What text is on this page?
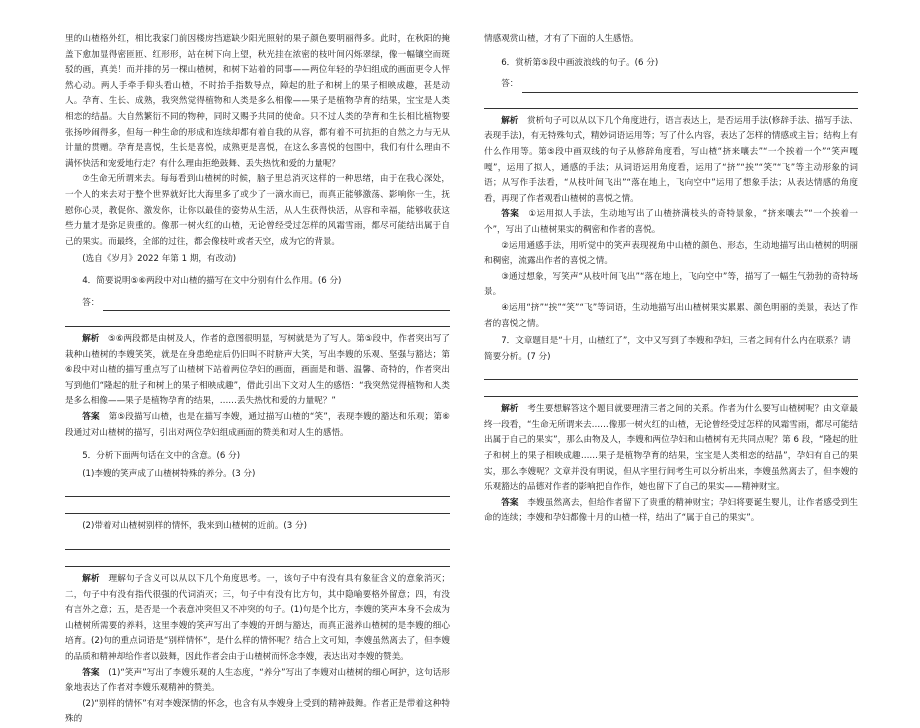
里的山楂格外红，相比我家门前因楼房挡遮缺少阳光照射的果子颜色要明丽得多。此时，在秋阳的掩盖下愈加显得密匝匝、红形形，站在树下向上望，秋光挂在浓密的枝叶间闪烁翠绿，像一幅镶空而斑驳的画，真美！而并排的另一棵山楂树，和树下站着的同事——两位年轻的孕妇组成的画面更令人怦然心动。两人手牵手仰头看山楂，不时抬手指数导点，障起的肚子和树上的果子相映成趣，甚是动人。孕育、生长、成熟，我突然觉得植物和人类是多么相像——果子是植物孕育的结果，宝宝是人类相恋的结晶。大自然繁衍不同的物种，同时又赐予共同的使命。只不过人类的孕育和生长相比植物要张扬吵闹得多，但每一种生命的形成和连续却都有着自我的从容，都有着不可抗拒的自然之力与无从计量的贯赠。孕育是喜悦，生长是喜悦，成熟更是喜悦，在这么多喜悦的包围中，我们有什么理由不满怀快活和宠爱地行走？有什么理由拒绝鼓舞、丢失热忱和爱的力量呢？

⑦生命无所谓来去。每每看到山楂树的时候，脑子里总消灭这样的一种思绪，由于在我心深处，一个人的来去对于整个世界就好比大海里多了或少了一滴水而已，而真正能够激荡、影响你一生，抚慰你心灵，教促你、激发你，让你以最佳的姿势从生活，从人生获得快活，从容和幸福，能够收获这些力量才是弥足贵重的。像那一树火红的山楂，无论曾经受过怎样的风霜雪雨，都尽可能结出属于自己的果实。而最终，全部的过往，都会像枝叶或者天空，成为它的背景。

(选自《岁月》2022 年第 1 期，有改动)

4．简要说明⑤⑥两段中对山楂的描写在文中分别有什么作用。(6 分)

答：

解析　 ⑤⑥两段都是由树及人，作者的意图很明显，写树就是为了写人。第⑤段中，作者突出写了栽种山楂树的李嫂笑笑，就是在身患绝症后仍旧叫不时脐声大笑，写出李嫂的乐观、坚强与豁达；第⑥段中对山楂的描写重点写了山楂树下站着两位孕妇的画面，画面是和谐、温馨、奇特的，作者突出写到他们“隆起的肚子和树上的果子相映成趣”，借此引出下文对人生的感悟：“我突然觉得植物和人类是多么相像——果子是植物孕育的结果，……丢失热忱和爱的力量呢？”

答案　 第⑤段描写山楂，也是在描写李嫂，通过描写山楂的“笑”，表现李嫂的豁达和乐观；第⑥段通过对山楂树的描写，引出对两位孕妇组成画面的赞美和对人生的感悟。

5．分析下面两句话在文中的含意。(6 分)

(1)李嫂的笑声成了山楂树特殊的养分。(3 分)

(2)带着对山楂树别样的情怀，我来到山楂树的近前。(3 分)

解析　 理解句子含义可以从以下几个角度思考。一，该句子中有没有具有象征含义的意象消灭；二，句子中有没有指代很强的代词消灭；三，句子中有没有比方句，其中隐喻要格外留意；四，有没有言外之意；五，是否是一个表意冲突但又不冲突的句子。(1)句是个比方，李嫂的笑声本身不会成为山楂树所需要的养料，这里李嫂的笑声写出了李嫂的开朗与豁达，而真正滋养山楂树的是李嫂的细心培育。(2)句的重点词语是“别样情怀”，是什么样的情怀呢？结合上文可知，李嫂虽然离去了，但李嫂的品质和精神却给作者以鼓舞，因此作者会由于山楂树而怀念李嫂，表达出对李嫂的赞美。

答案　 (1)“笑声”写出了李嫂乐观的人生态度，“养分”写出了李嫂对山楂树的细心呵护，这句话形象地表达了作者对李嫂乐观精神的赞美。

(2)“别样的情怀”有对李嫂深情的怀念，也含有从李嫂身上受到的精神鼓舞。作者正是带着这种特殊的

情感观赏山楂，才有了下面的人生感悟。

6．赏析第⑤段中画波浪线的句子。(6 分)

答：

解析　 赏析句子可以从以下几个角度进行，语言表达上，是否运用手法(修辞手法、描写手法、表现手法)，有无特殊句式，精妙词语运用等；写了什么内容，表达了怎样的情感或主旨；结构上有什么作用等。第⑤段中画双线的句子从修辞角度看，写山楂“挤来嚷去”“一个挨着一个”“笑声嘎嘎”，运用了拟人，通感的手法；从词语运用角度看，运用了“挤”“挨”“笑”“飞”等主动形象的词语；从写作手法看，“从枝叶间飞出”“落在地上，飞向空中”运用了想象手法；从表达情感的角度看，再现了作者观看山楂树的喜悦之情。

答案　 ①运用拟人手法，生动地写出了山楂挤满枝头的奇特景象，“挤来嚷去”“一个挨着一个”，写出了山楂树果实的稠密和作者的喜悦。

②运用通感手法，用听觉中的笑声表现视角中山楂的颜色、形态，生动地描写出山楂树的明丽和稠密，流露出作者的喜悦之情。

③通过想象，写笑声“从枝叶间飞出”“落在地上，飞向空中”等，描写了一幅生气勃勃的奇特场景。

④运用“挤”“挨”“笑”“飞”等词语，生动地描写出山楂树果实累累、颜色明丽的美景，表达了作者的喜悦之情。

7．文章题目是“十月，山楂红了”，文中又写到了李嫂和孕妇，三者之间有什么内在联系？请简要分析。(7 分)

解析　 考生要想解答这个题目就要理清三者之间的关系。作者为什么要写山楂树呢？由文章最终一段看，“生命无所谓来去……像那一树火红的山楂，无论曾经受过怎样的风霜雪雨，都尽可能结出属于自己的果实”，那么由物及人，李嫂和两位孕妇和山楂树有无共同点呢？第 6 段，“隆起的肚子和树上的果子相映成趣……果子是植物孕育的结果，宝宝是人类相恋的结晶”，孕妇有自己的果实，那么李嫂呢？文章并没有明说，但从字里行间考生可以分析出来，李嫂虽然离去了，但李嫂的乐观豁达的品德对作者的影响把自作作，她也留下了自己的果实——精神财宝。

答案　 李嫂虽然离去，但给作者留下了贵重的精神财宝；孕妇将要诞生婴儿，让作者感受到生命的连续；李嫂和孕妇都像十月的山楂一样，结出了“属于自己的果实”。
